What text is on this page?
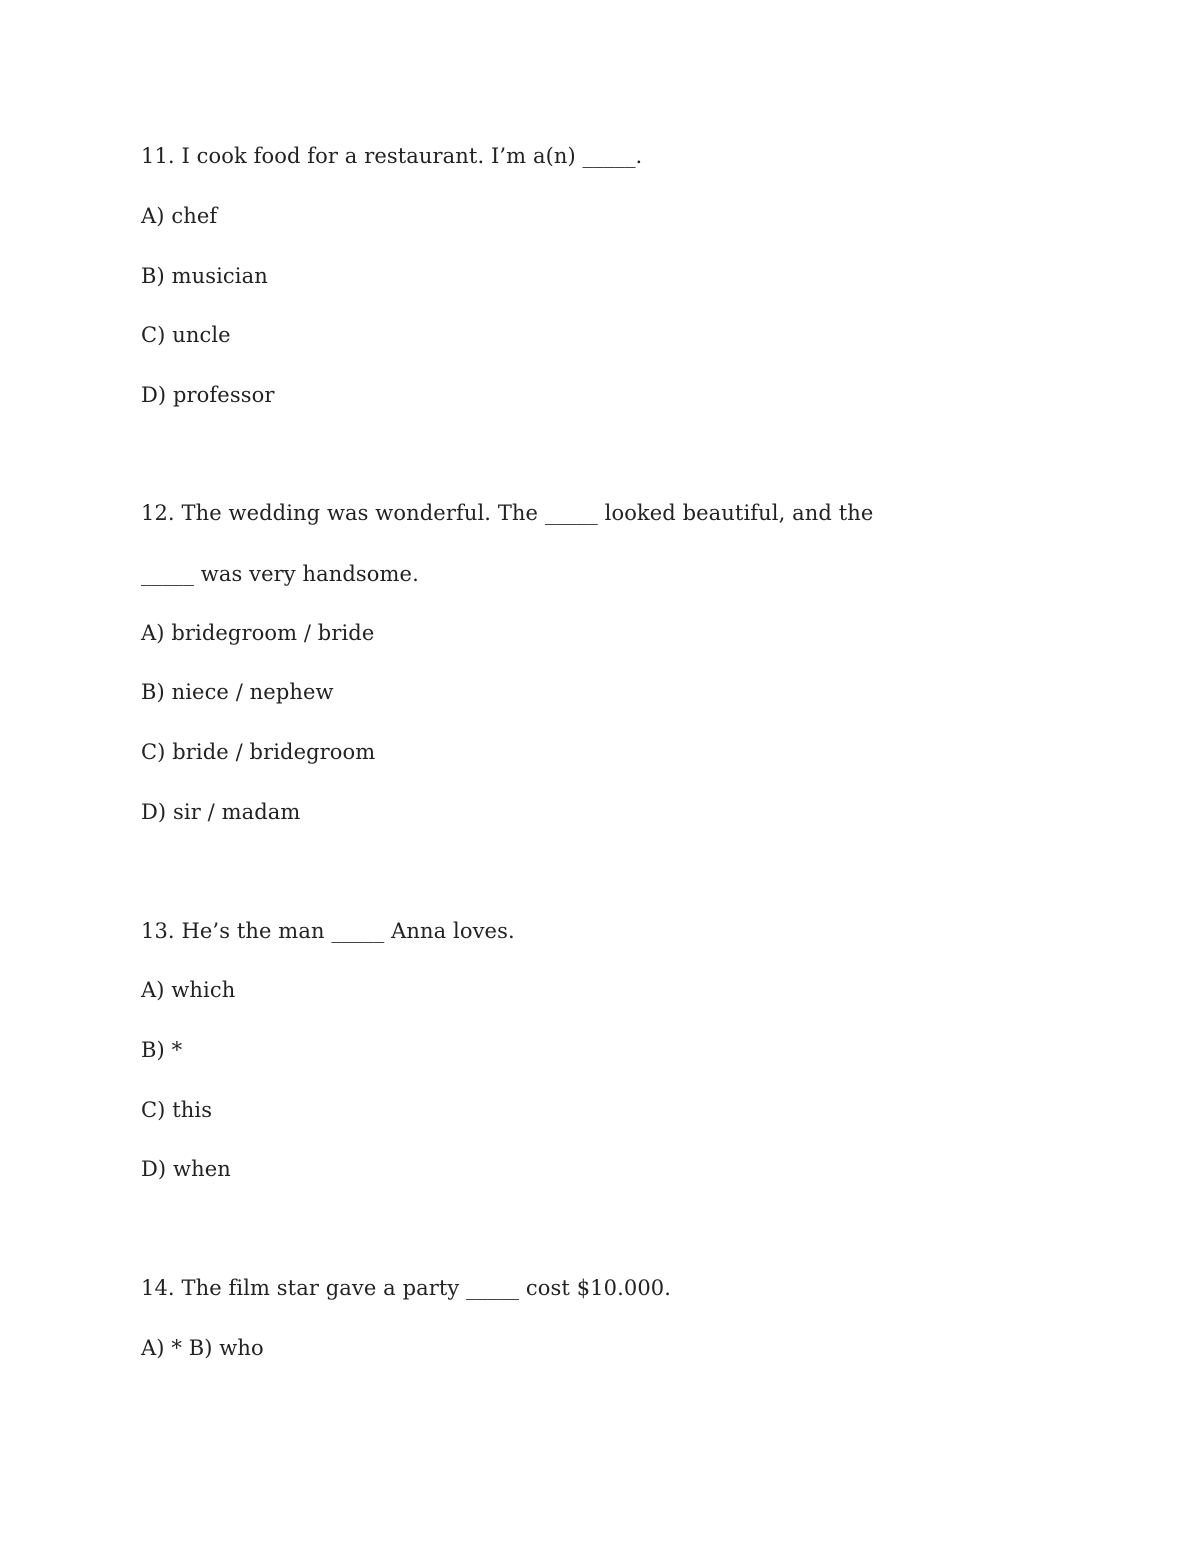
11. I cook food for a restaurant. I’m a(n) _____.

A) chef

B) musician

C) uncle

D) professor

12. The wedding was wonderful. The _____ looked beautiful, and the

_____ was very handsome.

A) bridegroom / bride

B) niece / nephew

C) bride / bridegroom

D) sir / madam

13. He’s the man _____ Anna loves.

A) which

B) *

C) this

D) when

14. The film star gave a party _____ cost $10.000.

A) * B) who
